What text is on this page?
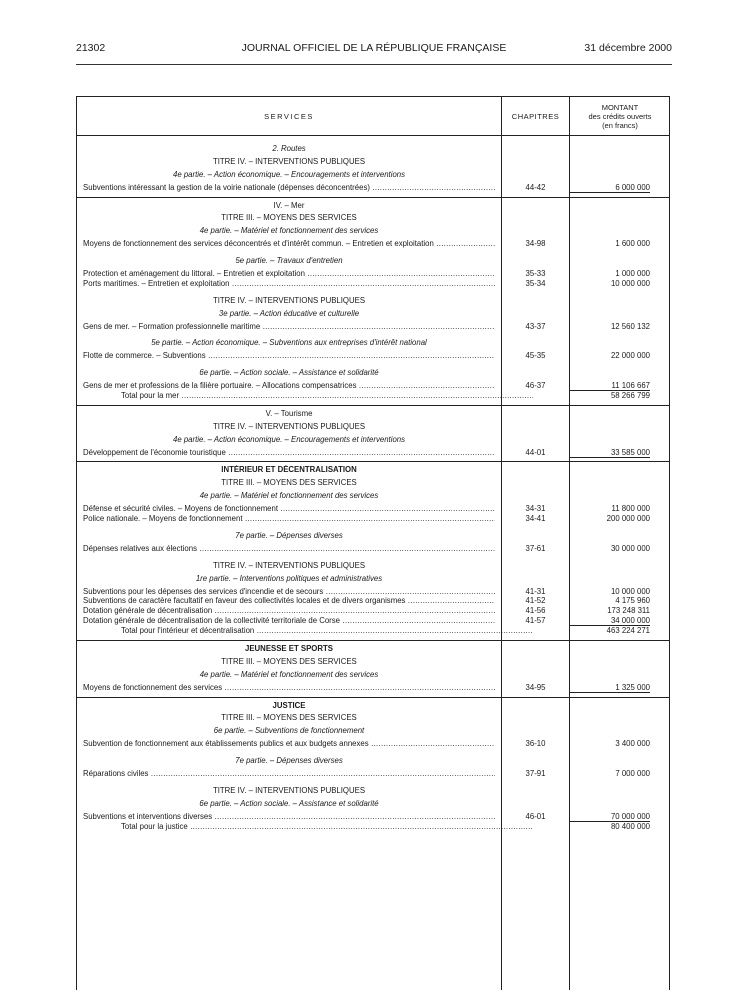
21302	JOURNAL OFFICIEL DE LA RÉPUBLIQUE FRANÇAISE	31 décembre 2000
SERVICES	CHAPITRES
MONTANT
des crédits ouverts
(en francs)
2. Routes
TITRE IV. – INTERVENTIONS PUBLIQUES
4e partie. – Action économique. – Encouragements et interventions
Subventions intéressant la gestion de la voirie nationale (dépenses déconcentrées) .....	44-42	6 000 000
IV. – Mer
TITRE III. – MOYENS DES SERVICES
4e partie. – Matériel et fonctionnement des services
Moyens de fonctionnement des services déconcentrés et d'intérêt commun. – Entretien et exploitation .....	34-98	1 600 000
5e partie. – Travaux d'entretien
Protection et aménagement du littoral. – Entretien et exploitation .....	35-33	1 000 000
Ports maritimes. – Entretien et exploitation .....	35-34	10 000 000
TITRE IV. – INTERVENTIONS PUBLIQUES
3e partie. – Action éducative et culturelle
Gens de mer. – Formation professionnelle maritime .....	43-37	12 560 132
5e partie. – Action économique. – Subventions aux entreprises d'intérêt national
Flotte de commerce. – Subventions .....	45-35	22 000 000
6e partie. – Action sociale. – Assistance et solidarité
Gens de mer et professions de la filière portuaire. – Allocations compensatrices .....	46-37	11 106 667
Total pour la mer .....	58 266 799
V. – Tourisme
TITRE IV. – INTERVENTIONS PUBLIQUES
4e partie. – Action économique. – Encouragements et interventions
Développement de l'économie touristique .....	44-01	33 585 000
INTÉRIEUR ET DÉCENTRALISATION
TITRE III. – MOYENS DES SERVICES
4e partie. – Matériel et fonctionnement des services
Défense et sécurité civiles. – Moyens de fonctionnement .....	34-31	11 800 000
Police nationale. – Moyens de fonctionnement .....	34-41	200 000 000
7e partie. – Dépenses diverses
Dépenses relatives aux élections .....	37-61	30 000 000
TITRE IV. – INTERVENTIONS PUBLIQUES
1re partie. – Interventions politiques et administratives
Subventions pour les dépenses des services d'incendie et de secours .....	41-31	10 000 000
Subventions de caractère facultatif en faveur des collectivités locales et de divers organismes .....	41-52	4 175 960
Dotation générale de décentralisation .....	41-56	173 248 311
Dotation générale de décentralisation de la collectivité territoriale de Corse .....	41-57	34 000 000
Total pour l'intérieur et décentralisation .....	463 224 271
JEUNESSE ET SPORTS
TITRE III. – MOYENS DES SERVICES
4e partie. – Matériel et fonctionnement des services
Moyens de fonctionnement des services .....	34-95	1 325 000
JUSTICE
TITRE III. – MOYENS DES SERVICES
6e partie. – Subventions de fonctionnement
Subvention de fonctionnement aux établissements publics et aux budgets annexes .....	36-10	3 400 000
7e partie. – Dépenses diverses
Réparations civiles .....	37-91	7 000 000
TITRE IV. – INTERVENTIONS PUBLIQUES
6e partie. – Action sociale. – Assistance et solidarité
Subventions et interventions diverses .....	46-01	70 000 000
Total pour la justice .....	80 400 000
